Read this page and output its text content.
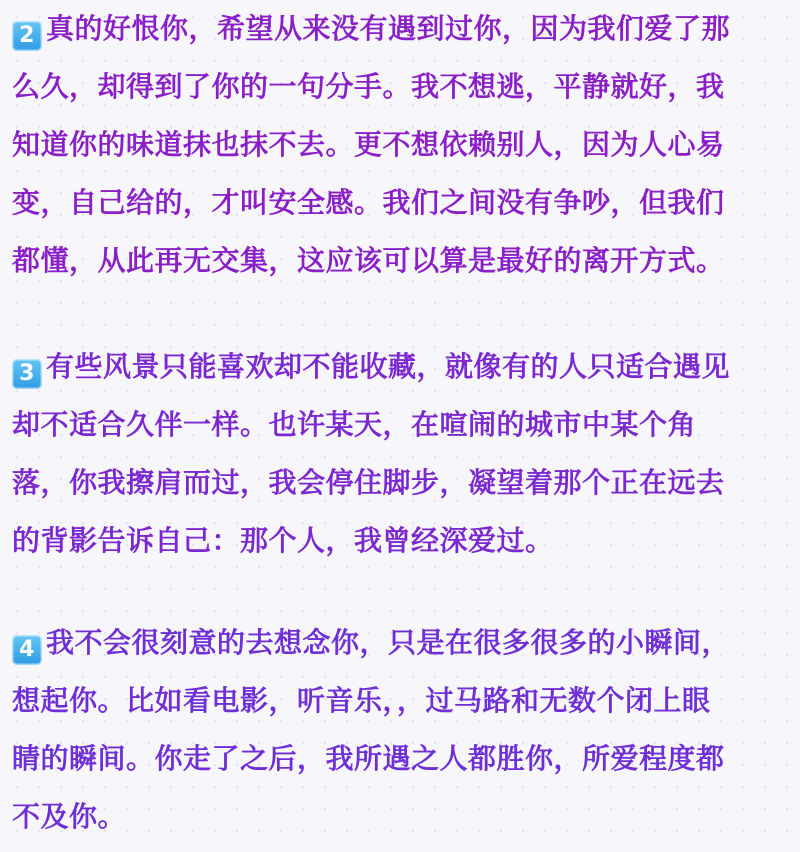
2 真的好恨你，希望从来没有遇到过你，因为我们爱了那
么久，却得到了你的一句分手。我不想逃，平静就好，我
知道你的味道抹也抹不去。更不想依赖别人，因为人心易
变，自己给的，才叫安全感。我们之间没有争吵，但我们
都懂，从此再无交集，这应该可以算是最好的离开方式。
3 有些风景只能喜欢却不能收藏，就像有的人只适合遇见
却不适合久伴一样。也许某天，在喧闹的城市中某个角
落，你我擦肩而过，我会停住脚步，凝望着那个正在远去
的背影告诉自己：那个人，我曾经深爱过。
4 我不会很刻意的去想念你，只是在很多很多的小瞬间，
想起你。比如看电影，听音乐，，过马路和无数个闭上眼
睛的瞬间。你走了之后，我所遇之人都胜你，所爱程度都
不及你。
